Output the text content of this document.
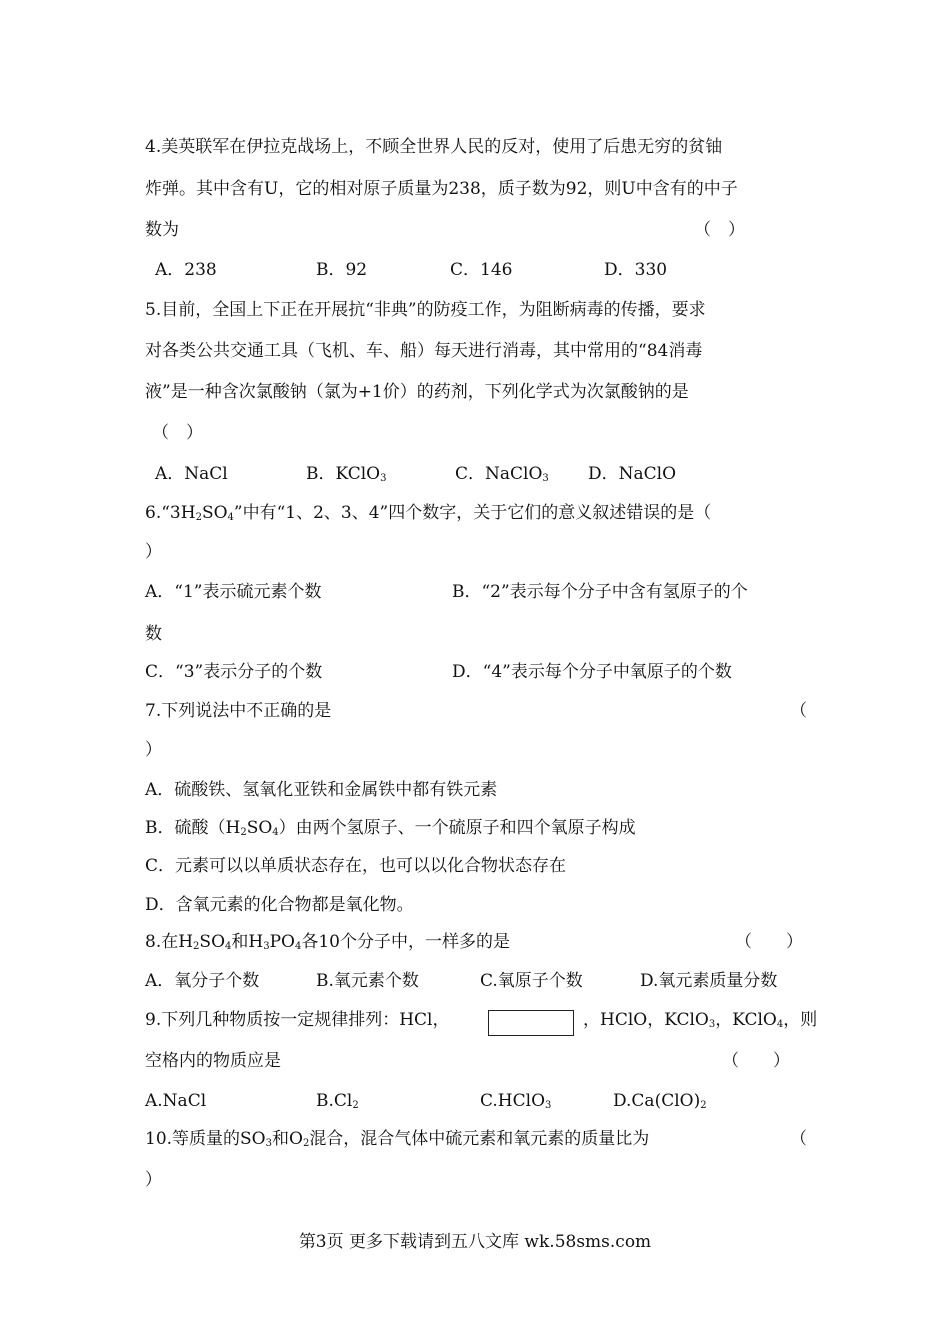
4.美英联军在伊拉克战场上，不顾全世界人民的反对，使用了后患无穷的贫铀
炸弹。其中含有U，它的相对原子质量为238，质子数为92，则U中含有的中子
数为	（　）
A．238	B．92	C．146	D．330
5.目前，全国上下正在开展抗“非典”的防疫工作，为阻断病毒的传播，要求
对各类公共交通工具（飞机、车、船）每天进行消毒，其中常用的“84消毒
液”是一种含次氯酸钠（氯为+1价）的药剂，下列化学式为次氯酸钠的是
（　）
A．NaCl	B．KClO$_3$	C．NaClO$_3$ D．NaClO
$6.“3H_2SO_4$”中有“1、2、3、4”四个数字，关于它们的意义叙述错误的是（
）
A．“1”表示硫元素个数	B．“2”表示每个分子中含有氢原子的个
数
C．“3”表示分子的个数	D．“4”表示每个分子中氧原子的个数
7.下列说法中不正确的是	（
）
A．硫酸铁、氢氧化亚铁和金属铁中都有铁元素
B．硫酸$(H_2SO_4)$由两个氢原子、一个硫原子和四个氧原子构成
C．元素可以以单质状态存在，也可以以化合物状态存在
D．含氧元素的化合物都是氧化物。
8.在$H_2SO_4$和$H_3PO_4$各10个分子中，一样多的是	（　　）
A．氧分子个数	B.氧元素个数	C.氧原子个数	D.氧元素质量分数
9.下列几种物质按一定规律排列：HCl，	，HClO，KClO$_3$，KClO$_4$，则
空格内的物质应是	（　　）
A.NaCl	$B.Cl_2$	C.HClO$_3$	$D.Ca(ClO)_2$
10.等质量的$SO_3$和$O_2$混合，混合气体中硫元素和氧元素的质量比为	（
）
第3页 更多下载请到五八文库 wk.58sms.com
